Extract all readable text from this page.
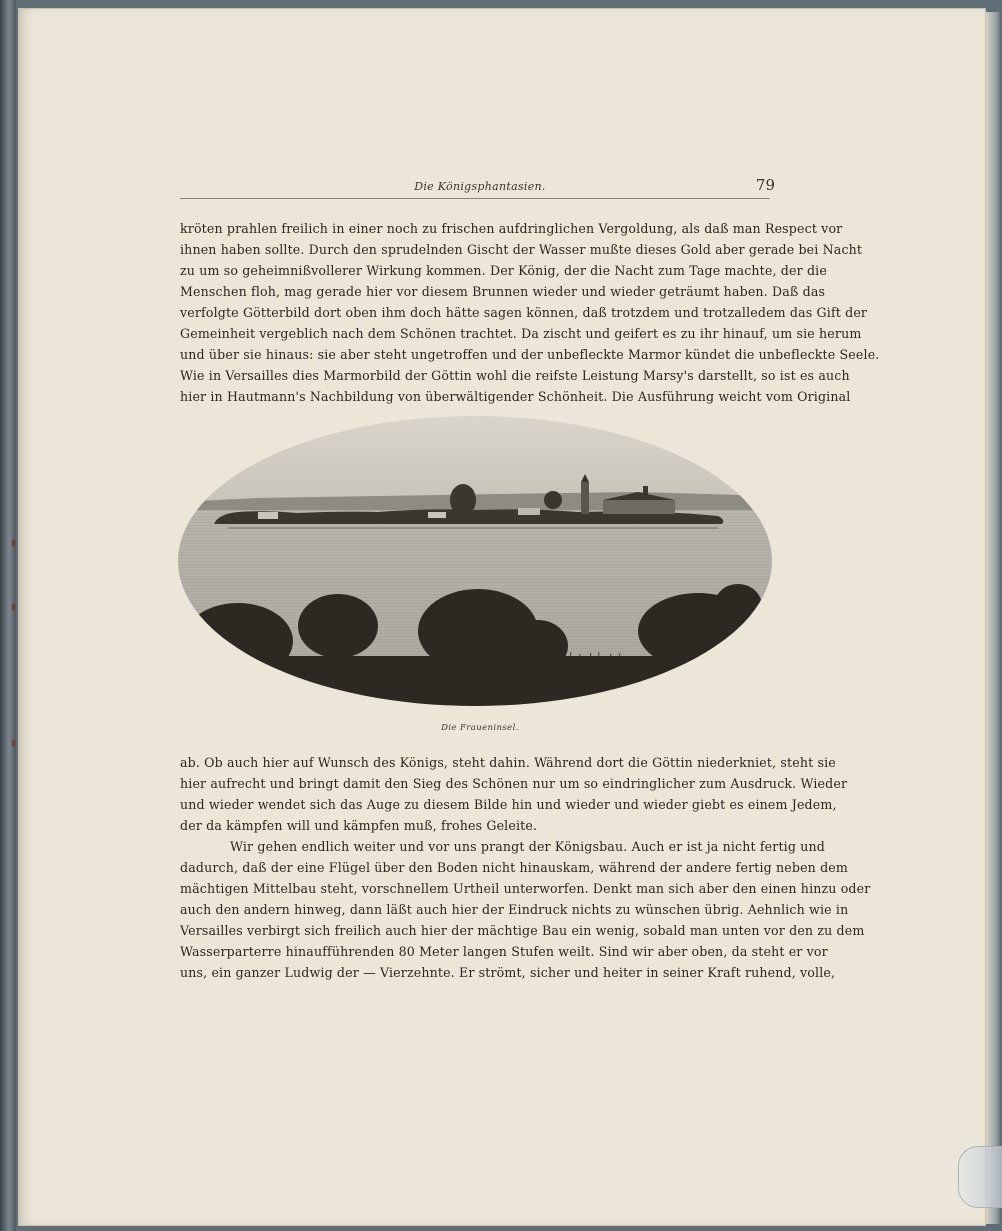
Die Königsphantasien.	79
kröten prahlen freilich in einer noch zu frischen aufdringlichen Vergoldung, als daß man Respect vor
ihnen haben sollte. Durch den sprudelnden Gischt der Wasser mußte dieses Gold aber gerade bei Nacht
zu um so geheimnißvollerer Wirkung kommen. Der König, der die Nacht zum Tage machte, der die
Menschen floh, mag gerade hier vor diesem Brunnen wieder und wieder geträumt haben. Daß das
verfolgte Götterbild dort oben ihm doch hätte sagen können, daß trotzdem und trotzalledem das Gift der
Gemeinheit vergeblich nach dem Schönen trachtet. Da zischt und geifert es zu ihr hinauf, um sie herum
und über sie hinaus: sie aber steht ungetroffen und der unbefleckte Marmor kündet die unbefleckte Seele.
Wie in Versailles dies Marmorbild der Göttin wohl die reifste Leistung Marsy's darstellt, so ist es auch
hier in Hautmann's Nachbildung von überwältigender Schönheit. Die Ausführung weicht vom Original
Die Fraueninsel.
ab. Ob auch hier auf Wunsch des Königs, steht dahin. Während dort die Göttin niederkniet, steht sie
hier aufrecht und bringt damit den Sieg des Schönen nur um so eindringlicher zum Ausdruck. Wieder
und wieder wendet sich das Auge zu diesem Bilde hin und wieder und wieder giebt es einem Jedem,
der da kämpfen will und kämpfen muß, frohes Geleite.
Wir gehen endlich weiter und vor uns prangt der Königsbau. Auch er ist ja nicht fertig und
dadurch, daß der eine Flügel über den Boden nicht hinauskam, während der andere fertig neben dem
mächtigen Mittelbau steht, vorschnellem Urtheil unterworfen. Denkt man sich aber den einen hinzu oder
auch den andern hinweg, dann läßt auch hier der Eindruck nichts zu wünschen übrig. Aehnlich wie in
Versailles verbirgt sich freilich auch hier der mächtige Bau ein wenig, sobald man unten vor den zu dem
Wasserparterre hinaufführenden 80 Meter langen Stufen weilt. Sind wir aber oben, da steht er vor
uns, ein ganzer Ludwig der — Vierzehnte. Er strömt, sicher und heiter in seiner Kraft ruhend, volle,
